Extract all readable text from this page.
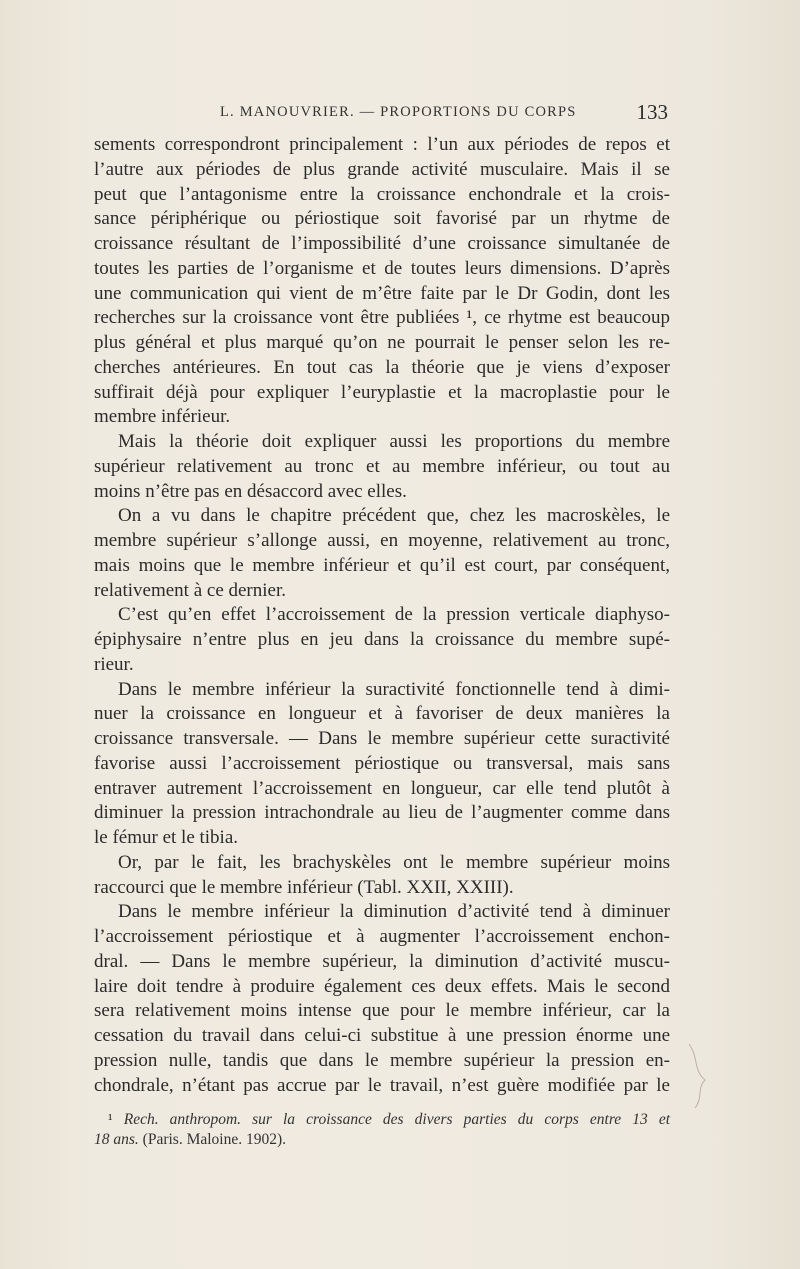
L. MANOUVRIER. — PROPORTIONS DU CORPS	133
sements correspondront principalement : l’un aux périodes de repos et
l’autre aux périodes de plus grande activité musculaire. Mais il se
peut que l’antagonisme entre la croissance enchondrale et la crois-
sance périphérique ou périostique soit favorisé par un rhytme de
croissance résultant de l’impossibilité d’une croissance simultanée de
toutes les parties de l’organisme et de toutes leurs dimensions. D’après
une communication qui vient de m’être faite par le Dr Godin, dont les
recherches sur la croissance vont être publiées ¹, ce rhytme est beaucoup
plus général et plus marqué qu’on ne pourrait le penser selon les re-
cherches antérieures. En tout cas la théorie que je viens d’exposer
suffirait déjà pour expliquer l’euryplastie et la macroplastie pour le
membre inférieur.
Mais la théorie doit expliquer aussi les proportions du membre
supérieur relativement au tronc et au membre inférieur, ou tout au
moins n’être pas en désaccord avec elles.
On a vu dans le chapitre précédent que, chez les macroskèles, le
membre supérieur s’allonge aussi, en moyenne, relativement au tronc,
mais moins que le membre inférieur et qu’il est court, par conséquent,
relativement à ce dernier.
C’est qu’en effet l’accroissement de la pression verticale diaphyso-
épiphysaire n’entre plus en jeu dans la croissance du membre supé-
rieur.
Dans le membre inférieur la suractivité fonctionnelle tend à dimi-
nuer la croissance en longueur et à favoriser de deux manières la
croissance transversale. — Dans le membre supérieur cette suractivité
favorise aussi l’accroissement périostique ou transversal, mais sans
entraver autrement l’accroissement en longueur, car elle tend plutôt à
diminuer la pression intrachondrale au lieu de l’augmenter comme dans
le fémur et le tibia.
Or, par le fait, les brachyskèles ont le membre supérieur moins
raccourci que le membre inférieur (Tabl. XXII, XXIII).
Dans le membre inférieur la diminution d’activité tend à diminuer
l’accroissement périostique et à augmenter l’accroissement enchon-
dral. — Dans le membre supérieur, la diminution d’activité muscu-
laire doit tendre à produire également ces deux effets. Mais le second
sera relativement moins intense que pour le membre inférieur, car la
cessation du travail dans celui-ci substitue à une pression énorme une
pression nulle, tandis que dans le membre supérieur la pression en-
chondrale, n’étant pas accrue par le travail, n’est guère modifiée par le
¹ Rech. anthropom. sur la croissance des divers parties du corps entre 13 et
18 ans. (Paris. Maloine. 1902).
